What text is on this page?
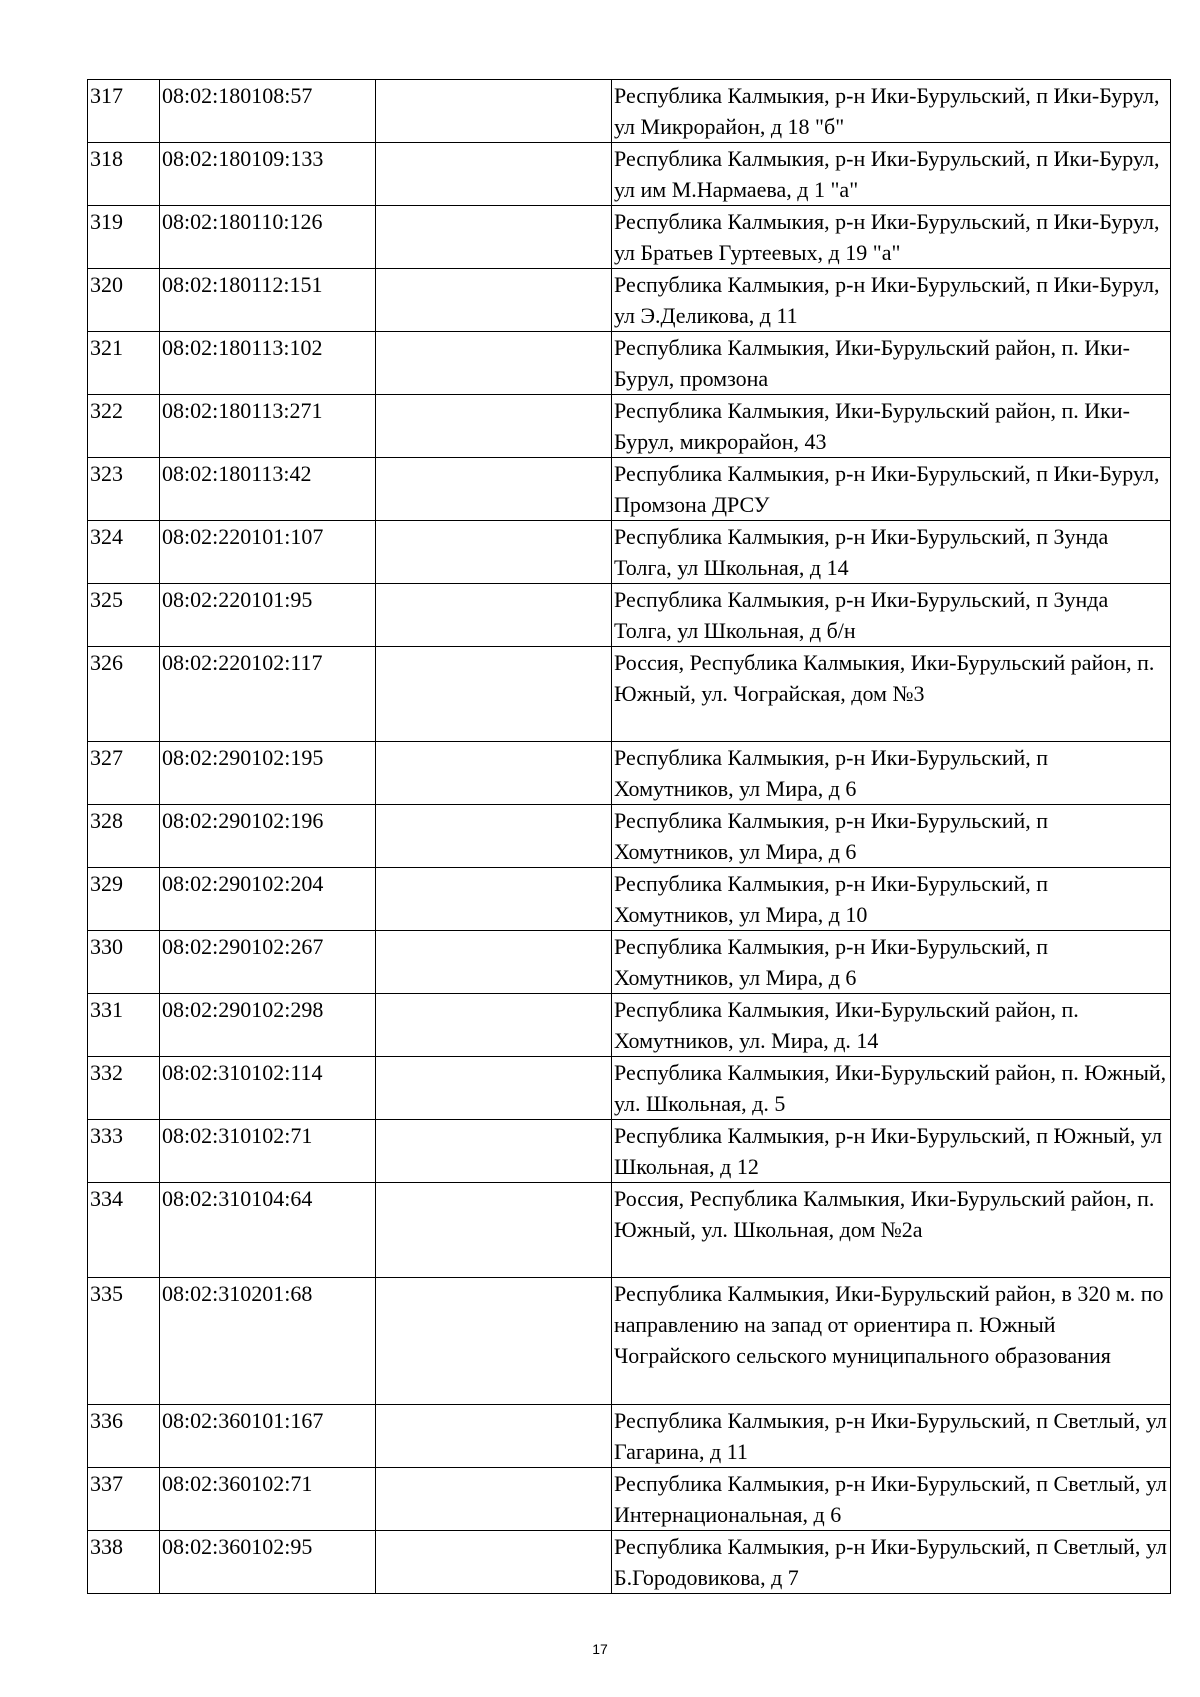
317	08:02:180108:57		Республика Калмыкия, р-н Ики-Бурульский, п Ики-Бурул, ул Микрорайон, д 18 "б"
318	08:02:180109:133		Республика Калмыкия, р-н Ики-Бурульский, п Ики-Бурул, ул им М.Нармаева, д 1 "а"
319	08:02:180110:126		Республика Калмыкия, р-н Ики-Бурульский, п Ики-Бурул, ул Братьев Гуртеевых, д 19 "а"
320	08:02:180112:151		Республика Калмыкия, р-н Ики-Бурульский, п Ики-Бурул, ул Э.Деликова, д 11
321	08:02:180113:102		Республика Калмыкия, Ики-Бурульский район, п. Ики-Бурул, промзона
322	08:02:180113:271		Республика Калмыкия, Ики-Бурульский район, п. Ики-Бурул, микрорайон, 43
323	08:02:180113:42		Республика Калмыкия, р-н Ики-Бурульский, п Ики-Бурул, Промзона ДРСУ
324	08:02:220101:107		Республика Калмыкия, р-н Ики-Бурульский, п Зунда Толга, ул Школьная, д 14
325	08:02:220101:95		Республика Калмыкия, р-н Ики-Бурульский, п Зунда Толга, ул Школьная, д б/н
326	08:02:220102:117		Россия, Республика Калмыкия, Ики-Бурульский район, п. Южный, ул. Чограйская, дом №3
327	08:02:290102:195		Республика Калмыкия, р-н Ики-Бурульский, п Хомутников, ул Мира, д 6
328	08:02:290102:196		Республика Калмыкия, р-н Ики-Бурульский, п Хомутников, ул Мира, д 6
329	08:02:290102:204		Республика Калмыкия, р-н Ики-Бурульский, п Хомутников, ул Мира, д 10
330	08:02:290102:267		Республика Калмыкия, р-н Ики-Бурульский, п Хомутников, ул Мира, д 6
331	08:02:290102:298		Республика Калмыкия, Ики-Бурульский район, п. Хомутников, ул. Мира, д. 14
332	08:02:310102:114		Республика Калмыкия, Ики-Бурульский район, п. Южный, ул. Школьная, д. 5
333	08:02:310102:71		Республика Калмыкия, р-н Ики-Бурульский, п Южный, ул Школьная, д 12
334	08:02:310104:64		Россия, Республика Калмыкия, Ики-Бурульский район, п. Южный, ул. Школьная, дом №2а
335	08:02:310201:68		Республика Калмыкия, Ики-Бурульский район, в 320 м. по направлению на запад от ориентира п. Южный Чограйского сельского муниципального образования
336	08:02:360101:167		Республика Калмыкия, р-н Ики-Бурульский, п Светлый, ул Гагарина, д 11
337	08:02:360102:71		Республика Калмыкия, р-н Ики-Бурульский, п Светлый, ул Интернациональная, д 6
338	08:02:360102:95		Республика Калмыкия, р-н Ики-Бурульский, п Светлый, ул Б.Городовикова, д 7
17
